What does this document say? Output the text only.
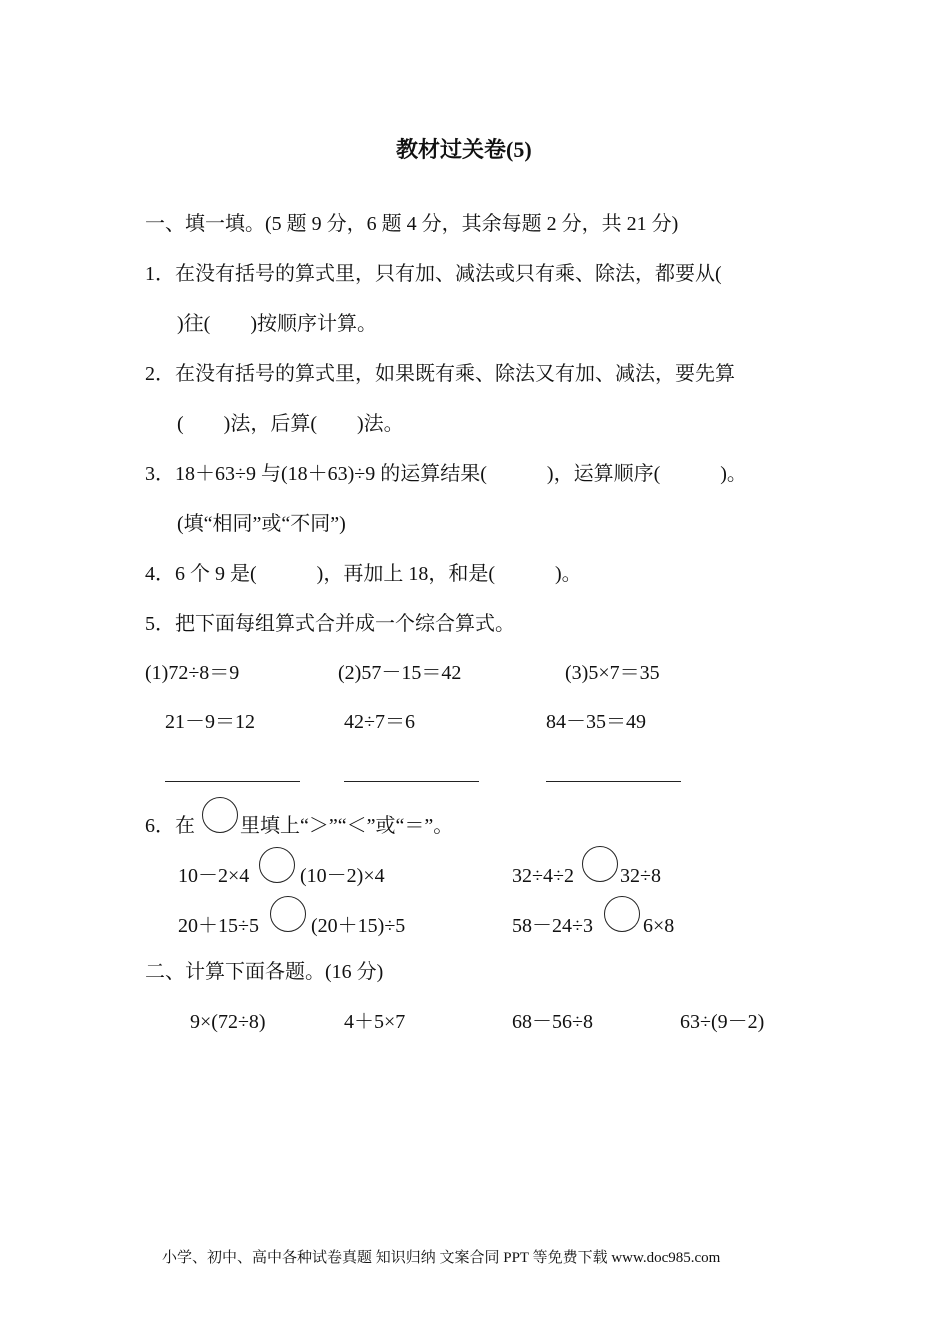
教材过关卷(5)
一、填一填。(5 题 9 分，6 题 4 分，其余每题 2 分，共 21 分)
1．在没有括号的算式里，只有加、减法或只有乘、除法，都要从(
)往(　　)按顺序计算。
2．在没有括号的算式里，如果既有乘、除法又有加、减法，要先算
(　　)法，后算(　　)法。
3．18＋63÷9 与(18＋63)÷9 的运算结果(　　　)，运算顺序(　　　)。
(填“相同”或“不同”)
4．6 个 9 是(　　　)，再加上 18，和是(　　　)。
5．把下面每组算式合并成一个综合算式。
(1)72÷8＝9	(2)57－15＝42	(3)5×7＝35
21－9＝12	42÷7＝6	84－35＝49
6．在 里填上“＞”“＜”或“＝”。
10－2×4	(10－2)×4	32÷4÷2 32÷8
20＋15÷5	(20＋15)÷5	58－24÷3	6×8
二、计算下面各题。(16 分)
9×(72÷8)	4＋5×7	68－56÷8	63÷(9－2)
小学、初中、高中各种试卷真题 知识归纳 文案合同 PPT 等免费下载 www.doc985.com
